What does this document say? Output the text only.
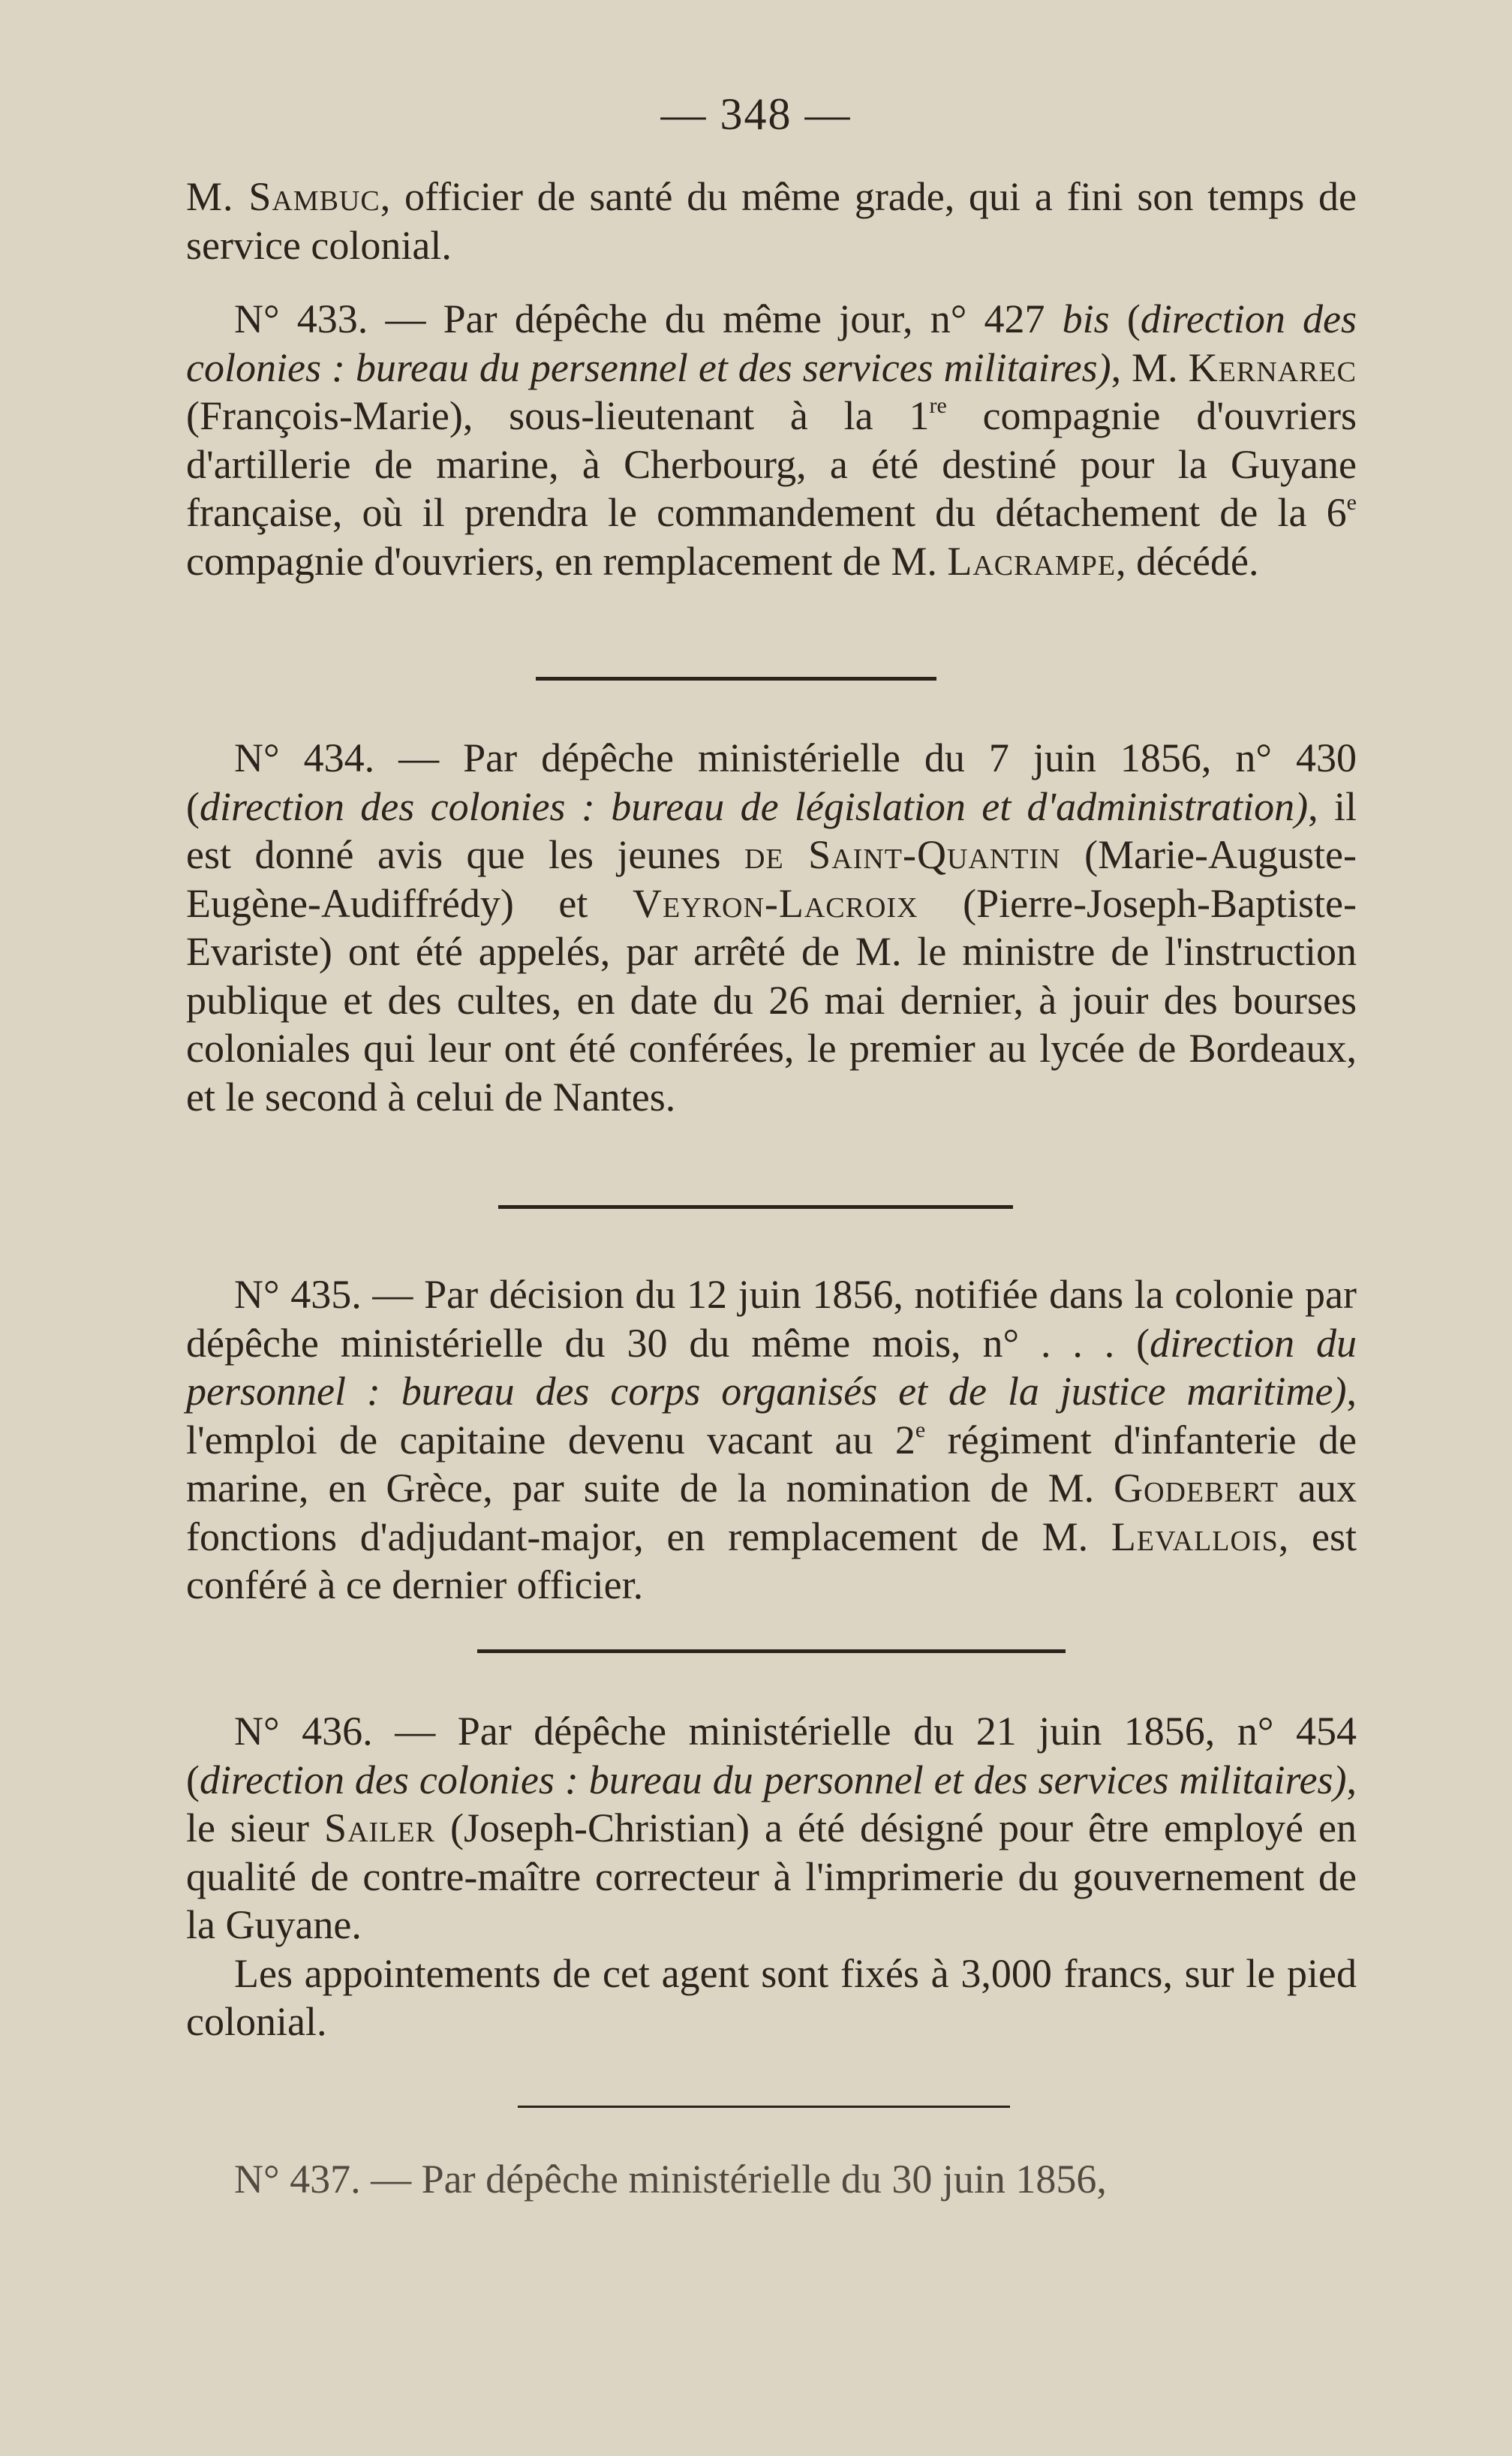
— 348 —

M. Sambuc, officier de santé du même grade, qui a fini son temps de service colonial.

N° 433. — Par dépêche du même jour, n° 427 bis (direction des colonies : bureau du persennel et des services militaires), M. Kernarec (François-Marie), sous-lieutenant à la 1re compagnie d'ouvriers d'artillerie de marine, à Cherbourg, a été destiné pour la Guyane française, où il prendra le commandement du détachement de la 6e compagnie d'ouvriers, en remplacement de M. Lacrampe, décédé.

N° 434. — Par dépêche ministérielle du 7 juin 1856, n° 430 (direction des colonies : bureau de législation et d'administration), il est donné avis que les jeunes de Saint-Quantin (Marie-Auguste-Eugène-Audiffrédy) et Veyron-Lacroix (Pierre-Joseph-Baptiste-Evariste) ont été appelés, par arrêté de M. le ministre de l'instruction publique et des cultes, en date du 26 mai dernier, à jouir des bourses coloniales qui leur ont été conférées, le premier au lycée de Bordeaux, et le second à celui de Nantes.

N° 435. — Par décision du 12 juin 1856, notifiée dans la colonie par dépêche ministérielle du 30 du même mois, n° . . . (direction du personnel : bureau des corps organisés et de la justice maritime), l'emploi de capitaine devenu vacant au 2e régiment d'infanterie de marine, en Grèce, par suite de la nomination de M. Godebert aux fonctions d'adjudant-major, en remplacement de M. Levallois, est conféré à ce dernier officier.

N° 436. — Par dépêche ministérielle du 21 juin 1856, n° 454 (direction des colonies : bureau du personnel et des services militaires), le sieur Sailer (Joseph-Christian) a été désigné pour être employé en qualité de contre-maître correcteur à l'imprimerie du gouvernement de la Guyane.

Les appointements de cet agent sont fixés à 3,000 francs, sur le pied colonial.

N° 437. — Par dépêche ministérielle du 30 juin 1856,
